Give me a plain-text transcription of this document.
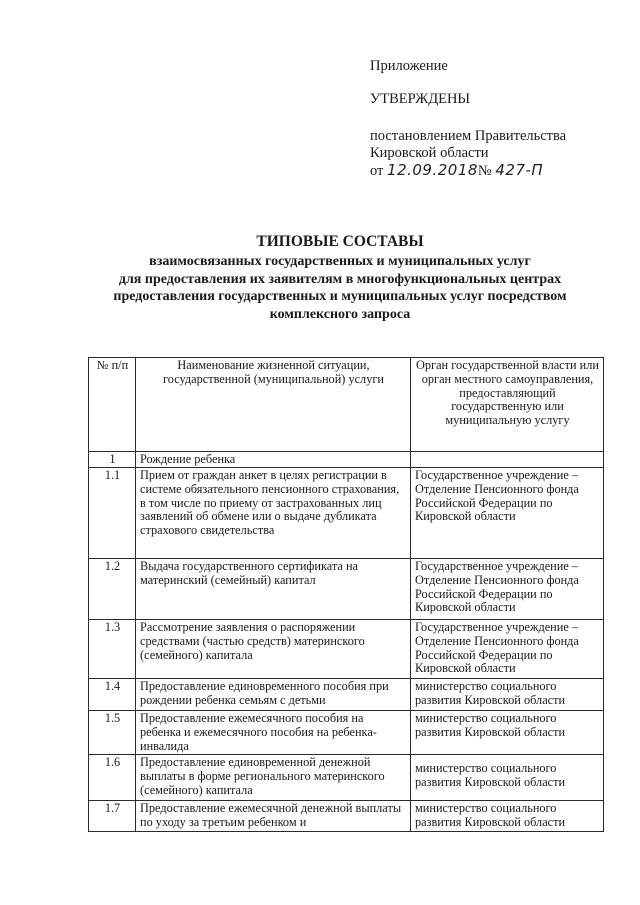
Приложение
УТВЕРЖДЕНЫ
постановлением Правительства
Кировской области
от 12.09.2018№ 427-П
ТИПОВЫЕ СОСТАВЫ
взаимосвязанных государственных и муниципальных услуг
для предоставления их заявителям в многофункциональных центрах
предоставления государственных и муниципальных услуг посредством
комплексного запроса
№ п/п	Наименование жизненной ситуации, государственной (муниципальной) услуги	Орган государственной власти или орган местного самоуправления, предоставляющий государственную или муниципальную услугу
1	Рождение ребенка	
1.1	Прием от граждан анкет в целях регистрации в системе обязательного пенсионного страхования, в том числе по приему от застрахованных лиц заявлений об обмене или о выдаче дубликата страхового свидетельства	Государственное учреждение – Отделение Пенсионного фонда Российской Федерации по Кировской области
1.2	Выдача государственного сертификата на материнский (семейный) капитал	Государственное учреждение – Отделение Пенсионного фонда Российской Федерации по Кировской области
1.3	Рассмотрение заявления о распоряжении средствами (частью средств) материнского (семейного) капитала	Государственное учреждение – Отделение Пенсионного фонда Российской Федерации по Кировской области
1.4	Предоставление единовременного пособия при рождении ребенка семьям с детьми	министерство социального развития Кировской области
1.5	Предоставление ежемесячного пособия на ребенка и ежемесячного пособия на ребенка-инвалида	министерство социального развития Кировской области
1.6	Предоставление единовременной денежной выплаты в форме регионального материнского (семейного) капитала	министерство социального развития Кировской области
1.7	Предоставление ежемесячной денежной выплаты по уходу за третьим ребенком и	министерство социального развития Кировской области
